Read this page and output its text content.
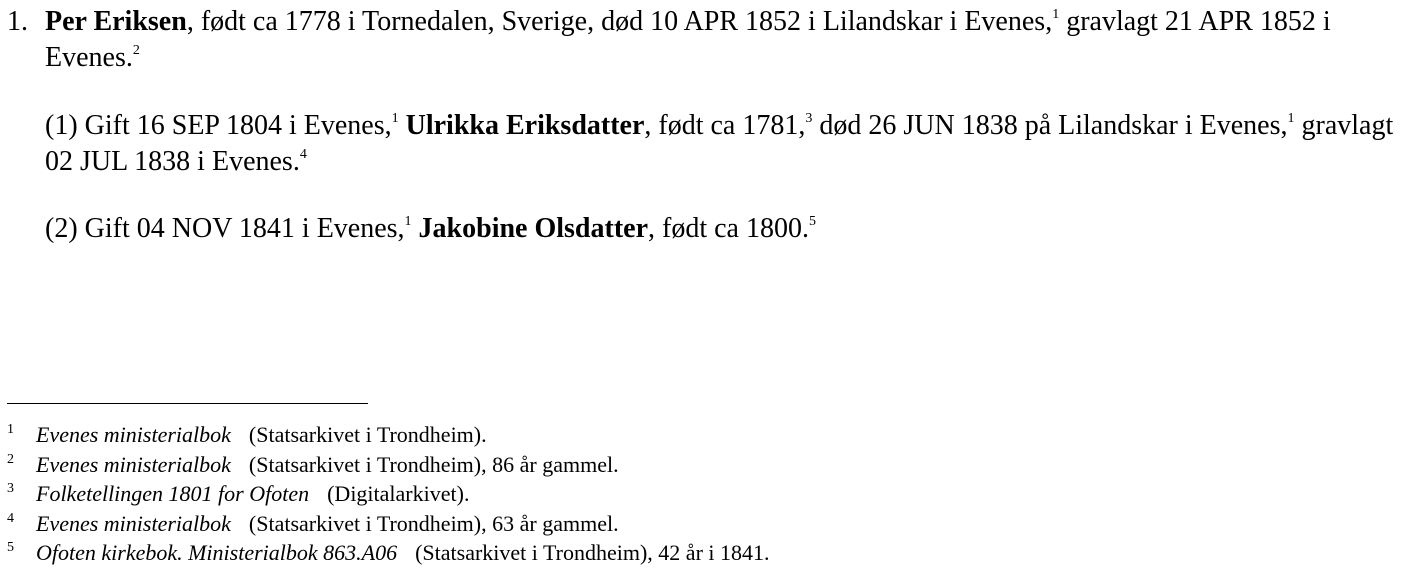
1. Per Eriksen, født ca 1778 i Tornedalen, Sverige, død 10 APR 1852 i Lilandskar i Evenes,$^1$ gravlagt 21 APR 1852 i Evenes.$^2$
(1) Gift 16 SEP 1804 i Evenes,$^1$ Ulrikka Eriksdatter, født ca 1781,$^3$ død 26 JUN 1838 på Lilandskar i Evenes,$^1$ gravlagt 02 JUL 1838 i Evenes.$^4$
(2) Gift 04 NOV 1841 i Evenes,$^1$ Jakobine Olsdatter, født ca 1800.$^5$
1 Evenes ministerialbok (Statsarkivet i Trondheim).
2 Evenes ministerialbok (Statsarkivet i Trondheim), 86 år gammel.
3 Folketellingen 1801 for Ofoten (Digitalarkivet).
4 Evenes ministerialbok (Statsarkivet i Trondheim), 63 år gammel.
5 Ofoten kirkebok. Ministerialbok 863.A06 (Statsarkivet i Trondheim), 42 år i 1841.
